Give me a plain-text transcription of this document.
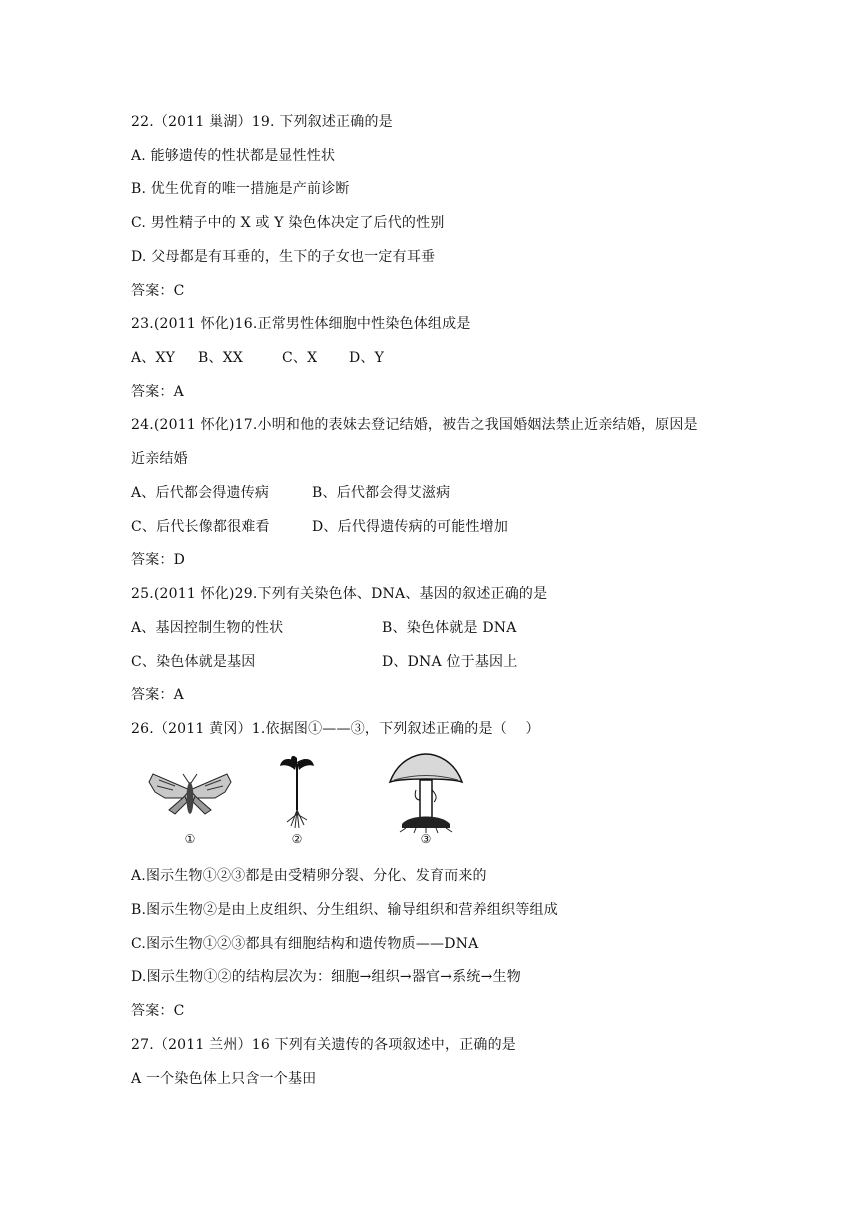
22.（2011 巢湖）19. 下列叙述正确的是
A. 能够遗传的性状都是显性性状
B. 优生优育的唯一措施是产前诊断
C. 男性精子中的 X 或 Y 染色体决定了后代的性别
D. 父母都是有耳垂的，生下的子女也一定有耳垂
答案：C
23.(2011 怀化)16.正常男性体细胞中性染色体组成是
A、XY B、XX	C、X D、Y
答案：A
24.(2011 怀化)17.小明和他的表妹去登记结婚，被告之我国婚姻法禁止近亲结婚，原因是
近亲结婚
A、后代都会得遗传病	B、后代都会得艾滋病
C、后代长像都很难看	D、后代得遗传病的可能性增加
答案：D
25.(2011 怀化)29.下列有关染色体、DNA、基因的叙述正确的是
A、基因控制生物的性状	B、染色体就是 DNA
C、染色体就是基因	D、DNA 位于基因上
答案：A
26.（2011 黄冈）1.依据图①——③，下列叙述正确的是（    ）
①	②	③
A.图示生物①②③都是由受精卵分裂、分化、发育而来的
B.图示生物②是由上皮组织、分生组织、输导组织和营养组织等组成
C.图示生物①②③都具有细胞结构和遗传物质——DNA
D.图示生物①②的结构层次为：细胞→组织→器官→系统→生物
答案：C
27.（2011 兰州）16 下列有关遗传的各项叙述中，正确的是
A 一个染色体上只含一个基田
